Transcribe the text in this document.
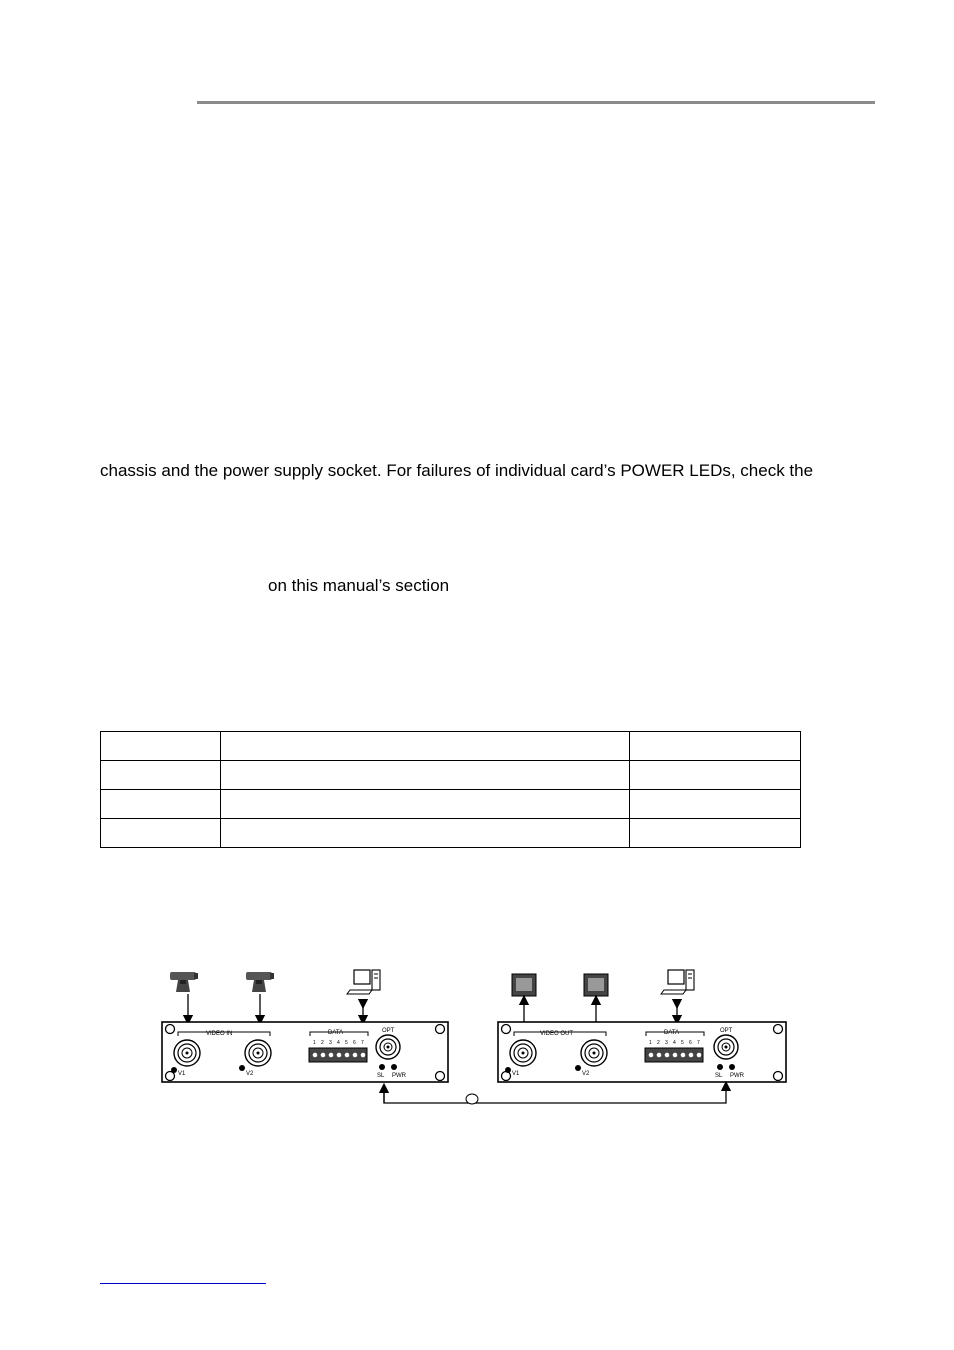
chassis and the power supply socket. For failures of individual card’s POWER LEDs, check the
on this manual’s section

VIDEO IN
V1	V2
DATA
1 2 3 4 5 6 7
OPT
SL PWR
VIDEO OUT
V1	V2
DATA
1 2 3 4 5 6 7
OPT
SL PWR
